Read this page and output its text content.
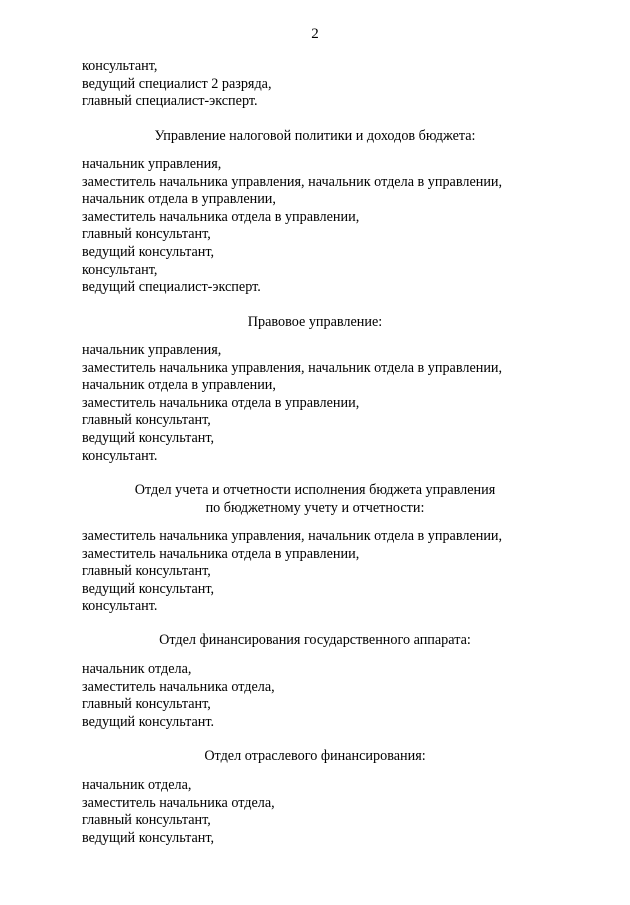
2
консультант,
ведущий специалист 2 разряда,
главный специалист-эксперт.
Управление налоговой политики и доходов бюджета:
начальник управления,
заместитель начальника управления, начальник отдела в управлении,
начальник отдела в управлении,
заместитель начальника отдела в управлении,
главный консультант,
ведущий консультант,
консультант,
ведущий специалист-эксперт.
Правовое управление:
начальник управления,
заместитель начальника управления, начальник отдела в управлении,
начальник отдела в управлении,
заместитель начальника отдела в управлении,
главный консультант,
ведущий консультант,
консультант.
Отдел учета и отчетности исполнения бюджета управления
по бюджетному учету и отчетности:
заместитель начальника управления, начальник отдела в управлении,
заместитель начальника отдела в управлении,
главный консультант,
ведущий консультант,
консультант.
Отдел финансирования государственного аппарата:
начальник отдела,
заместитель начальника отдела,
главный консультант,
ведущий консультант.
Отдел отраслевого финансирования:
начальник отдела,
заместитель начальника отдела,
главный консультант,
ведущий консультант,
